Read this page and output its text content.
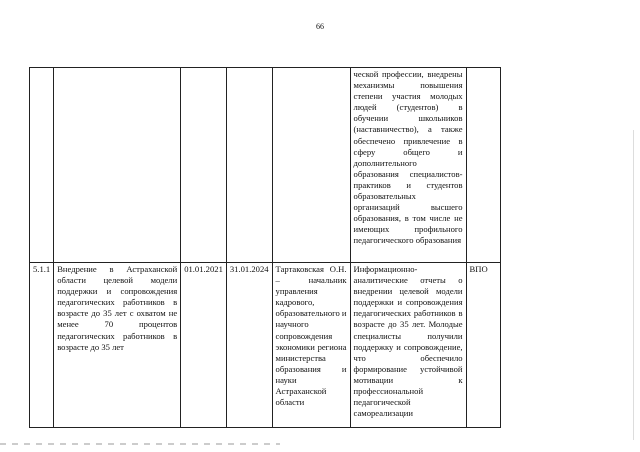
66
					ческой профессии, внедрены механизмы повышения степени участия молодых людей (студентов) в обучении школьников (наставничество), а также обеспечено привлечение в сферу общего и дополнительного образования специалистов-практиков и студентов образовательных организаций высшего образования, в том числе не имеющих профильного педагогического образования	
5.1.1	Внедрение в Астраханской области целевой модели поддержки и сопровождения педагогических работников в возрасте до 35 лет с охватом не менее 70 процентов педагогических работников в возрасте до 35 лет	01.01.2021	31.01.2024	Тартаковская О.Н. – начальник управления кадрового, образовательного и научного сопровождения экономики региона министерства образования и науки Астраханской области	Информационно-аналитические отчеты о внедрении целевой модели поддержки и сопровождения педагогических работников в возрасте до 35 лет. Молодые специалисты получили поддержку и сопровождение, что обеспечило формирование устойчивой мотивации к профессиональной педагогической самореализации	ВПО
